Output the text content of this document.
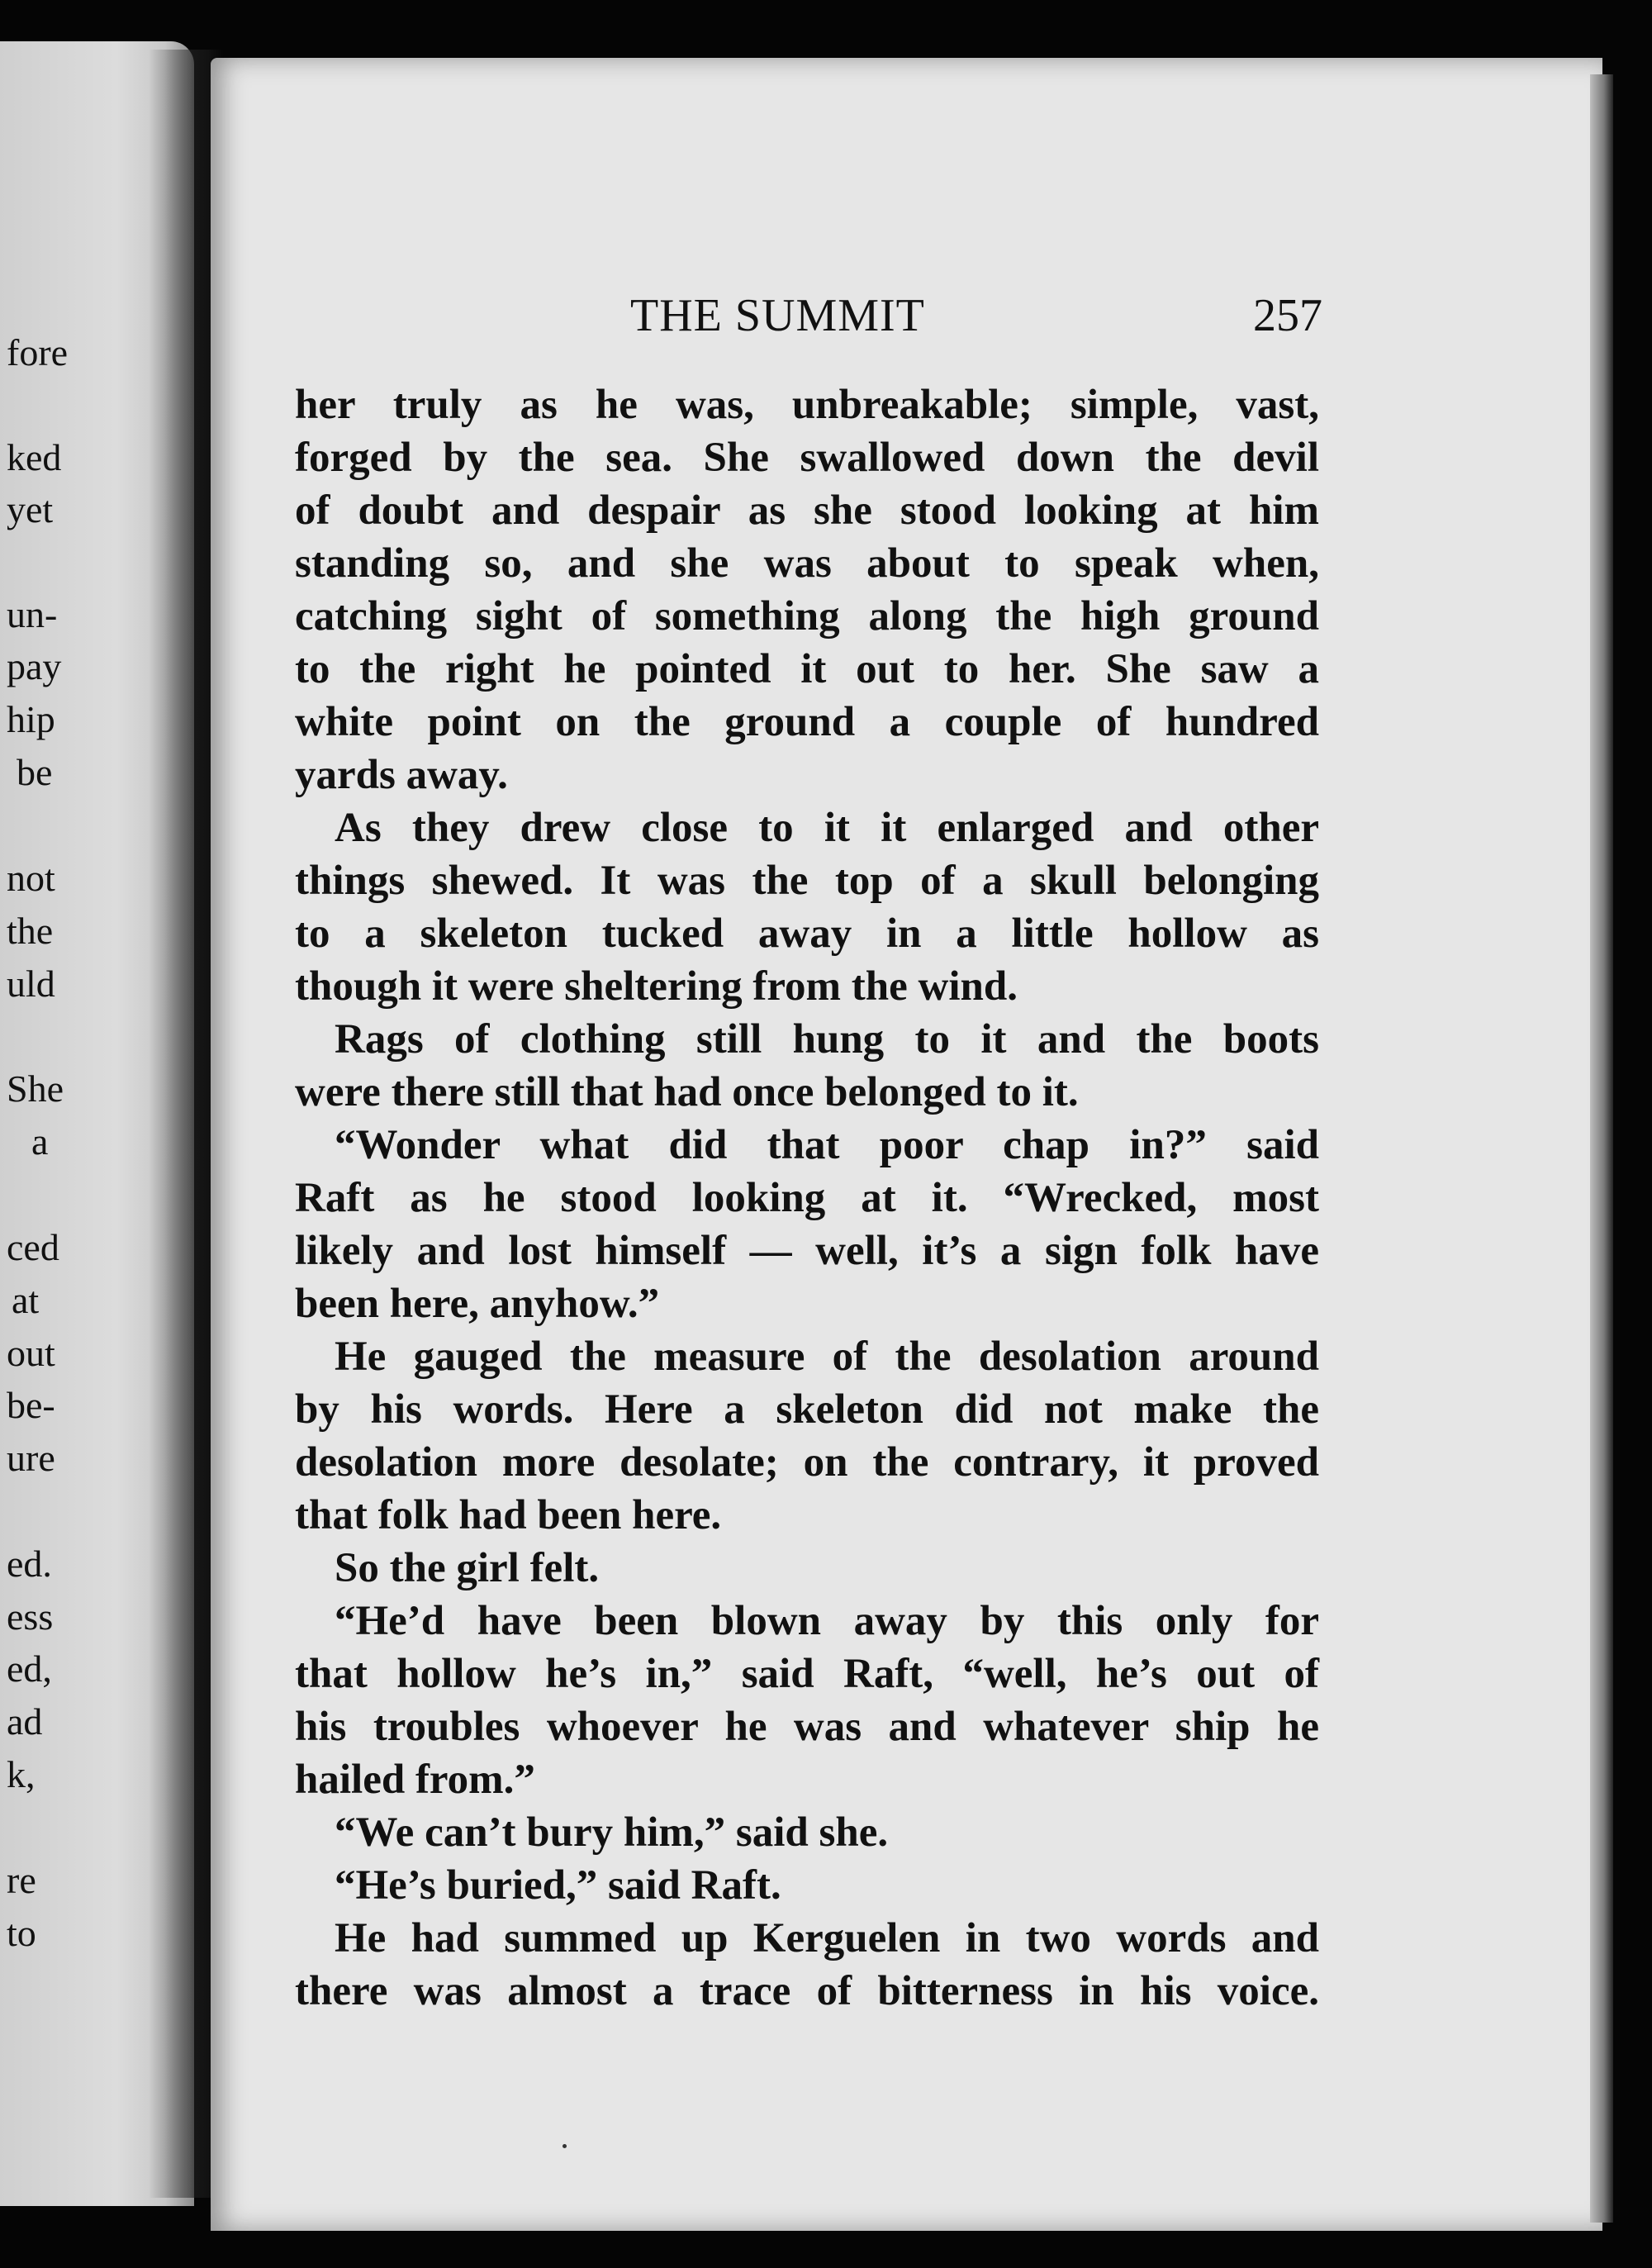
fore
ked
yet
un-
pay
hip
be
not
the
uld
She
a
ced
at
out
be-
ure
ed.
ess
ed,
ad
k,
re
to
THE SUMMIT	257
her truly as he was, unbreakable; simple, vast,
forged by the sea. She swallowed down the devil
of doubt and despair as she stood looking at him
standing so, and she was about to speak when,
catching sight of something along the high ground
to the right he pointed it out to her. She saw a
white point on the ground a couple of hundred
yards away.
As they drew close to it it enlarged and other
things shewed. It was the top of a skull belonging
to a skeleton tucked away in a little hollow as
though it were sheltering from the wind.
Rags of clothing still hung to it and the boots
were there still that had once belonged to it.
“Wonder what did that poor chap in?” said
Raft as he stood looking at it. “Wrecked, most
likely and lost himself — well, it’s a sign folk have
been here, anyhow.”
He gauged the measure of the desolation around
by his words. Here a skeleton did not make the
desolation more desolate; on the contrary, it proved
that folk had been here.
So the girl felt.
“He’d have been blown away by this only for
that hollow he’s in,” said Raft, “well, he’s out of
his troubles whoever he was and whatever ship he
hailed from.”
“We can’t bury him,” said she.
“He’s buried,” said Raft.
He had summed up Kerguelen in two words and
there was almost a trace of bitterness in his voice.
